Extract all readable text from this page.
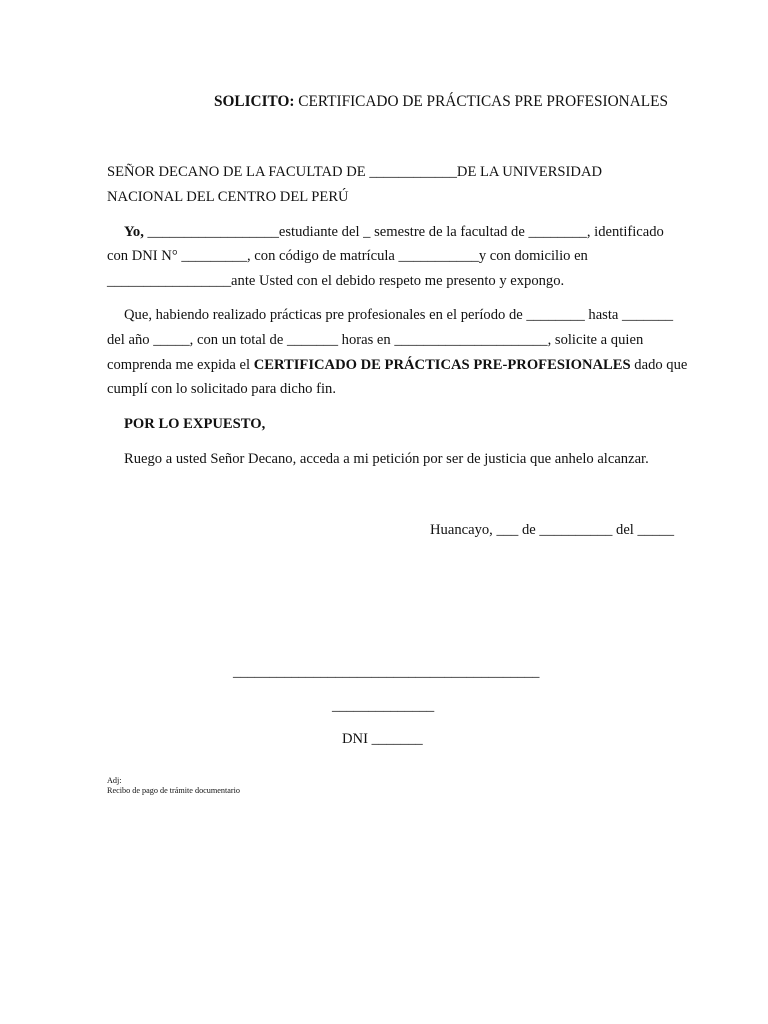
SOLICITO: CERTIFICADO DE PRÁCTICAS PRE PROFESIONALES
SEÑOR DECANO DE LA FACULTAD DE ____________DE LA UNIVERSIDAD
NACIONAL DEL CENTRO DEL PERÚ
Yo, __________________estudiante del _ semestre de la facultad de ________, identificado
con DNI N° _________, con código de matrícula ___________y con domicilio en
_________________ante Usted con el debido respeto me presento y expongo.
Que, habiendo realizado prácticas pre profesionales en el período de ________ hasta _______
del año _____, con un total de _______ horas en _____________________, solicite a quien
comprenda me expida el CERTIFICADO DE PRÁCTICAS PRE-PROFESIONALES dado que
cumplí con lo solicitado para dicho fin.
POR LO EXPUESTO,
Ruego a usted Señor Decano, acceda a mi petición por ser de justicia que anhelo alcanzar.
Huancayo, ___ de __________ del _____
__________________________________________
______________
DNI _______
Adj:
Recibo de pago de trámite documentario
